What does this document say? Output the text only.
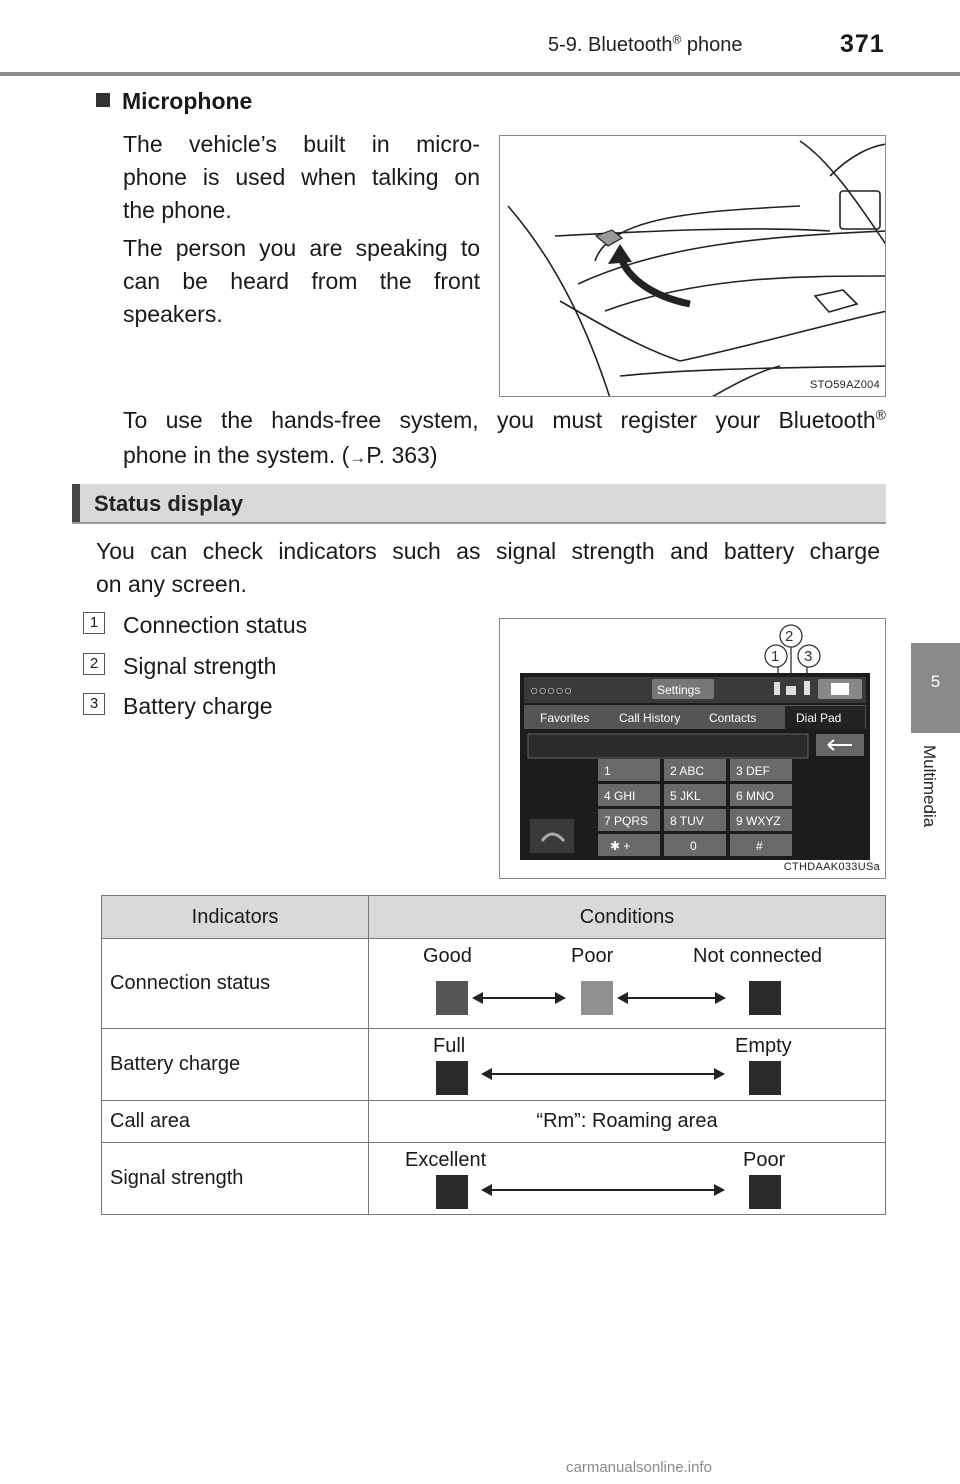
5-9. Bluetooth® phone	371
5
Multimedia
Microphone
The vehicle’s built in micro-
phone is used when talking on
the phone.
The person you are speaking to
can be heard from the front
speakers.
STO59AZ004
To use the hands-free system, you must register your Bluetooth®
phone in the system. (→P. 363)
Status display
You can check indicators such as signal strength and battery charge
on any screen.
1 Connection status
2 Signal strength
3 Battery charge
2
1 3
○○○○○	Settings
Favorites Call History Contacts	Dial Pad
1	2 ABC	3 DEF
4 GHI	5 JKL	6 MNO
7 PQRS 8 TUV	9 WXYZ
✱ +	0	#
CTHDAAK033USa
Indicators	Conditions
Connection status	Good Poor Not connected

Battery charge	Full Empty

Call area	“Rm”: Roaming area
Signal strength	Excellent Poor
carmanualsonline.info
